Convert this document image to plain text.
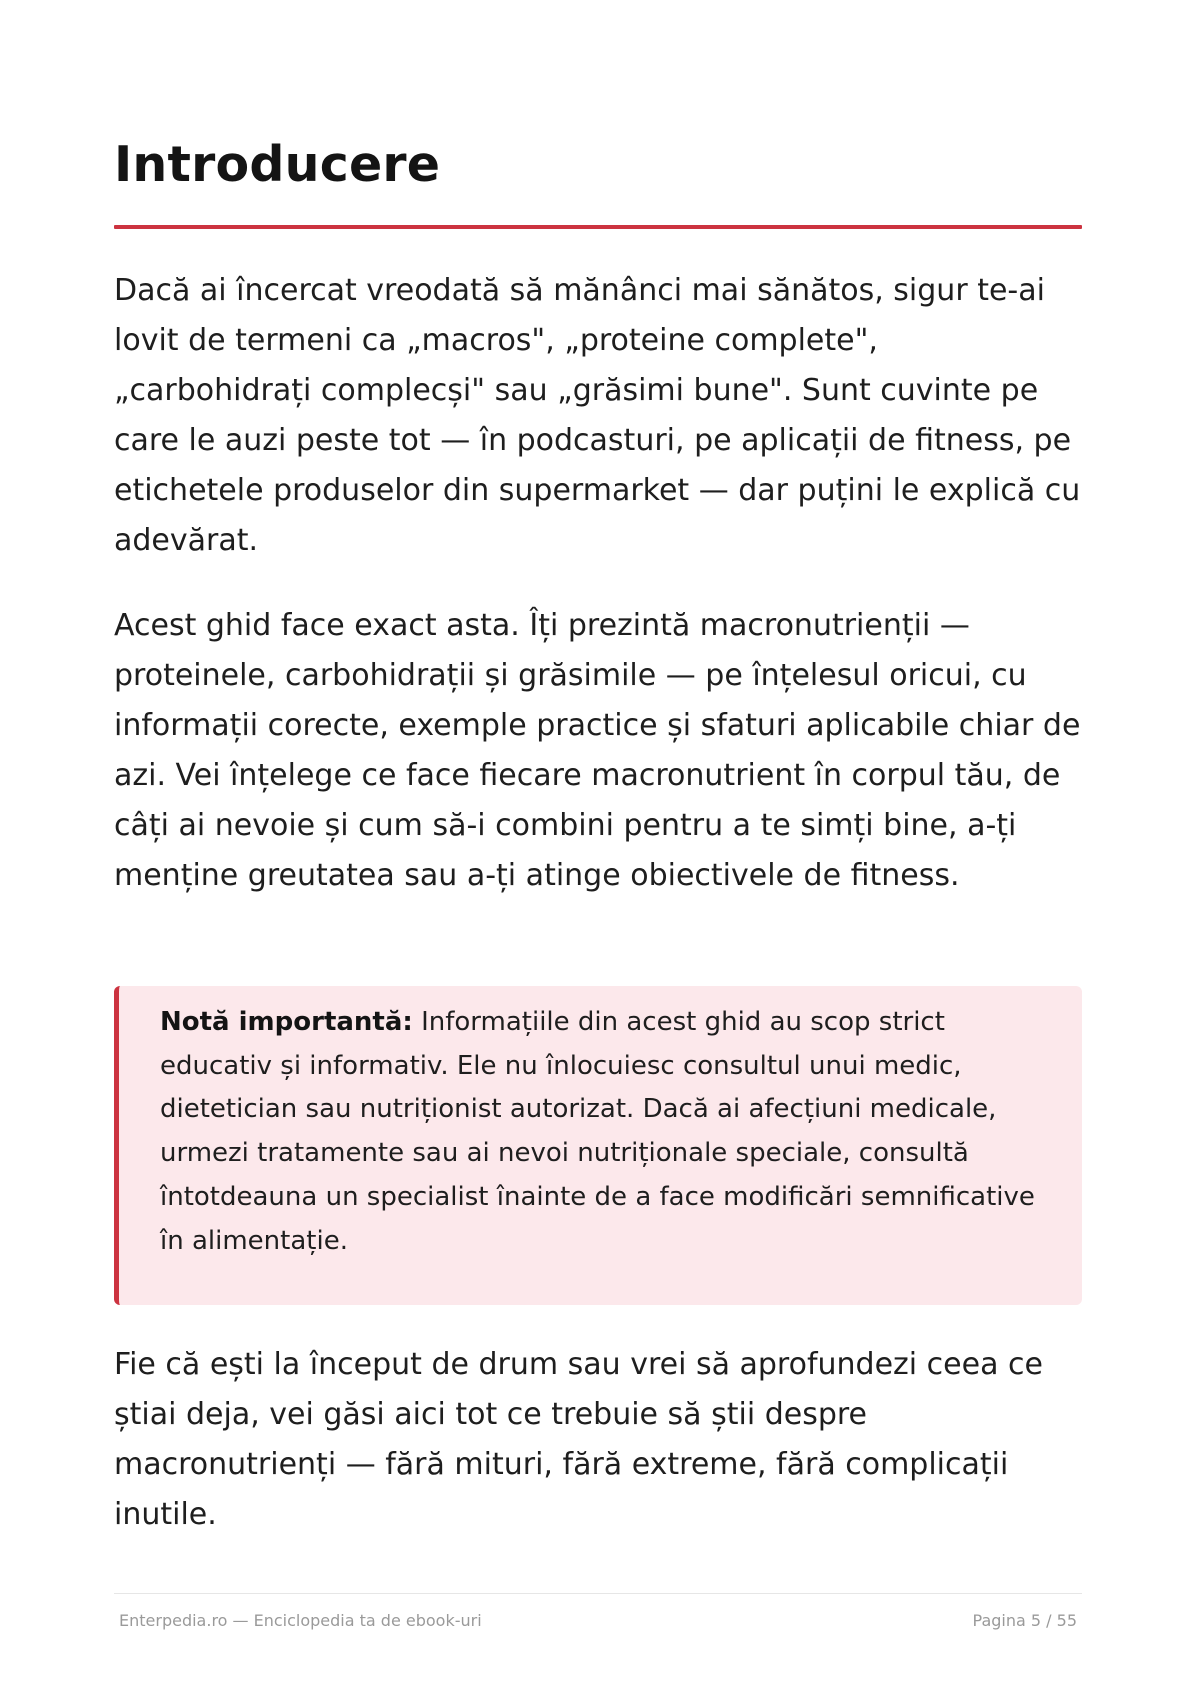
Introducere

Dacă ai încercat vreodată să mănânci mai sănătos, sigur te-ai lovit de termeni ca „macros", „proteine complete", „carbohidrați complecși" sau „grăsimi bune". Sunt cuvinte pe care le auzi peste tot — în podcasturi, pe aplicații de fitness, pe etichetele produselor din supermarket — dar puțini le explică cu adevărat.

Acest ghid face exact asta. Îți prezintă macronutrienții — proteinele, carbohidrații și grăsimile — pe înțelesul oricui, cu informații corecte, exemple practice și sfaturi aplicabile chiar de azi. Vei înțelege ce face fiecare macronutrient în corpul tău, de câți ai nevoie și cum să-i combini pentru a te simți bine, a-ți menține greutatea sau a-ți atinge obiectivele de fitness.

Notă importantă: Informațiile din acest ghid au scop strict educativ și informativ. Ele nu înlocuiesc consultul unui medic, dietetician sau nutriționist autorizat. Dacă ai afecțiuni medicale, urmezi tratamente sau ai nevoi nutriționale speciale, consultă întotdeauna un specialist înainte de a face modificări semnificative în alimentație.

Fie că ești la început de drum sau vrei să aprofundezi ceea ce știai deja, vei găsi aici tot ce trebuie să știi despre macronutrienți — fără mituri, fără extreme, fără complicații inutile.

Enterpedia.ro — Enciclopedia ta de ebook-uri	Pagina 5 / 55
